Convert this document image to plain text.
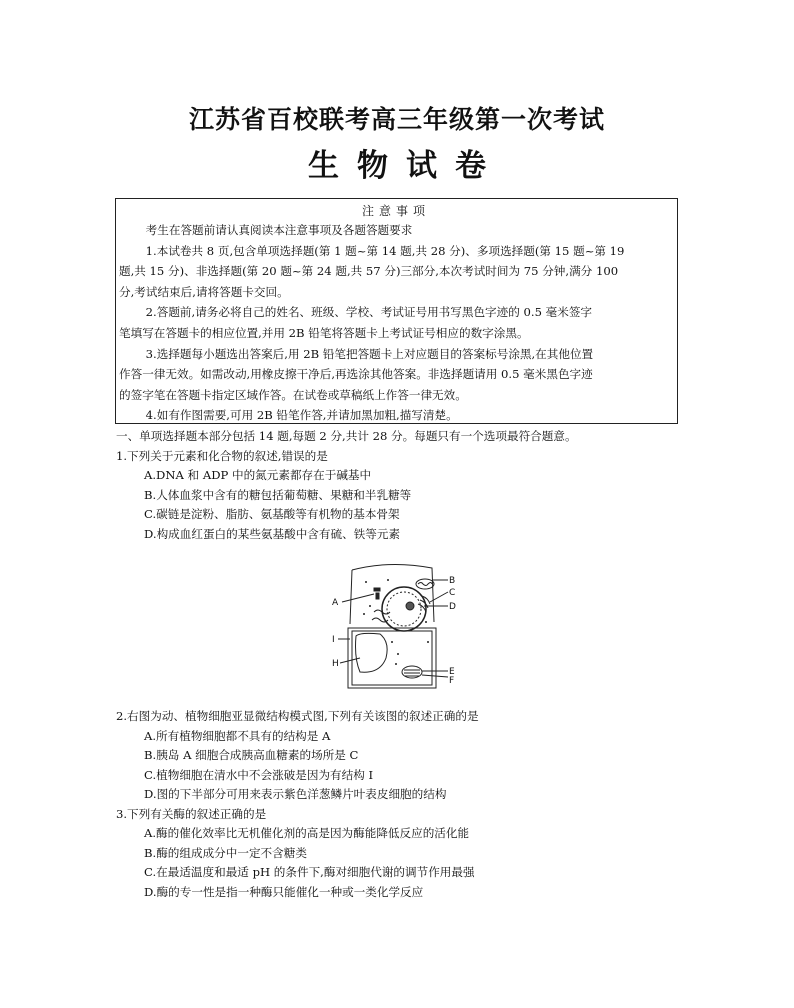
江苏省百校联考高三年级第一次考试
生物试卷
注意事项
考生在答题前请认真阅读本注意事项及各题答题要求
1.本试卷共 8 页,包含单项选择题(第 1 题~第 14 题,共 28 分)、多项选择题(第 15 题~第 19
题,共 15 分)、非选择题(第 20 题~第 24 题,共 57 分)三部分,本次考试时间为 75 分钟,满分 100
分,考试结束后,请将答题卡交回。
2.答题前,请务必将自己的姓名、班级、学校、考试证号用书写黑色字迹的 0.5 毫米签字
笔填写在答题卡的相应位置,并用 2B 铅笔将答题卡上考试证号相应的数字涂黑。
3.选择题每小题选出答案后,用 2B 铅笔把答题卡上对应题目的答案标号涂黑,在其他位置
作答一律无效。如需改动,用橡皮擦干净后,再选涂其他答案。非选择题请用 0.5 毫米黑色字迹
的签字笔在答题卡指定区域作答。在试卷或草稿纸上作答一律无效。
4.如有作图需要,可用 2B 铅笔作答,并请加黑加粗,描写清楚。
一、单项选择题本部分包括 14 题,每题 2 分,共计 28 分。每题只有一个选项最符合题意。
1.下列关于元素和化合物的叙述,错误的是
A.DNA 和 ADP 中的氮元素都存在于碱基中
B.人体血浆中含有的糖包括葡萄糖、果糖和半乳糖等
C.碳链是淀粉、脂肪、氨基酸等有机物的基本骨架
D.构成血红蛋白的某些氨基酸中含有硫、铁等元素
A
B
C
D
I
H
E
F
2.右图为动、植物细胞亚显微结构模式图,下列有关该图的叙述正确的是
A.所有植物细胞都不具有的结构是 A
B.胰岛 A 细胞合成胰高血糖素的场所是 C
C.植物细胞在清水中不会涨破是因为有结构 I
D.图的下半部分可用来表示紫色洋葱鳞片叶表皮细胞的结构
3.下列有关酶的叙述正确的是
A.酶的催化效率比无机催化剂的高是因为酶能降低反应的活化能
B.酶的组成成分中一定不含糖类
C.在最适温度和最适 pH 的条件下,酶对细胞代谢的调节作用最强
D.酶的专一性是指一种酶只能催化一种或一类化学反应
